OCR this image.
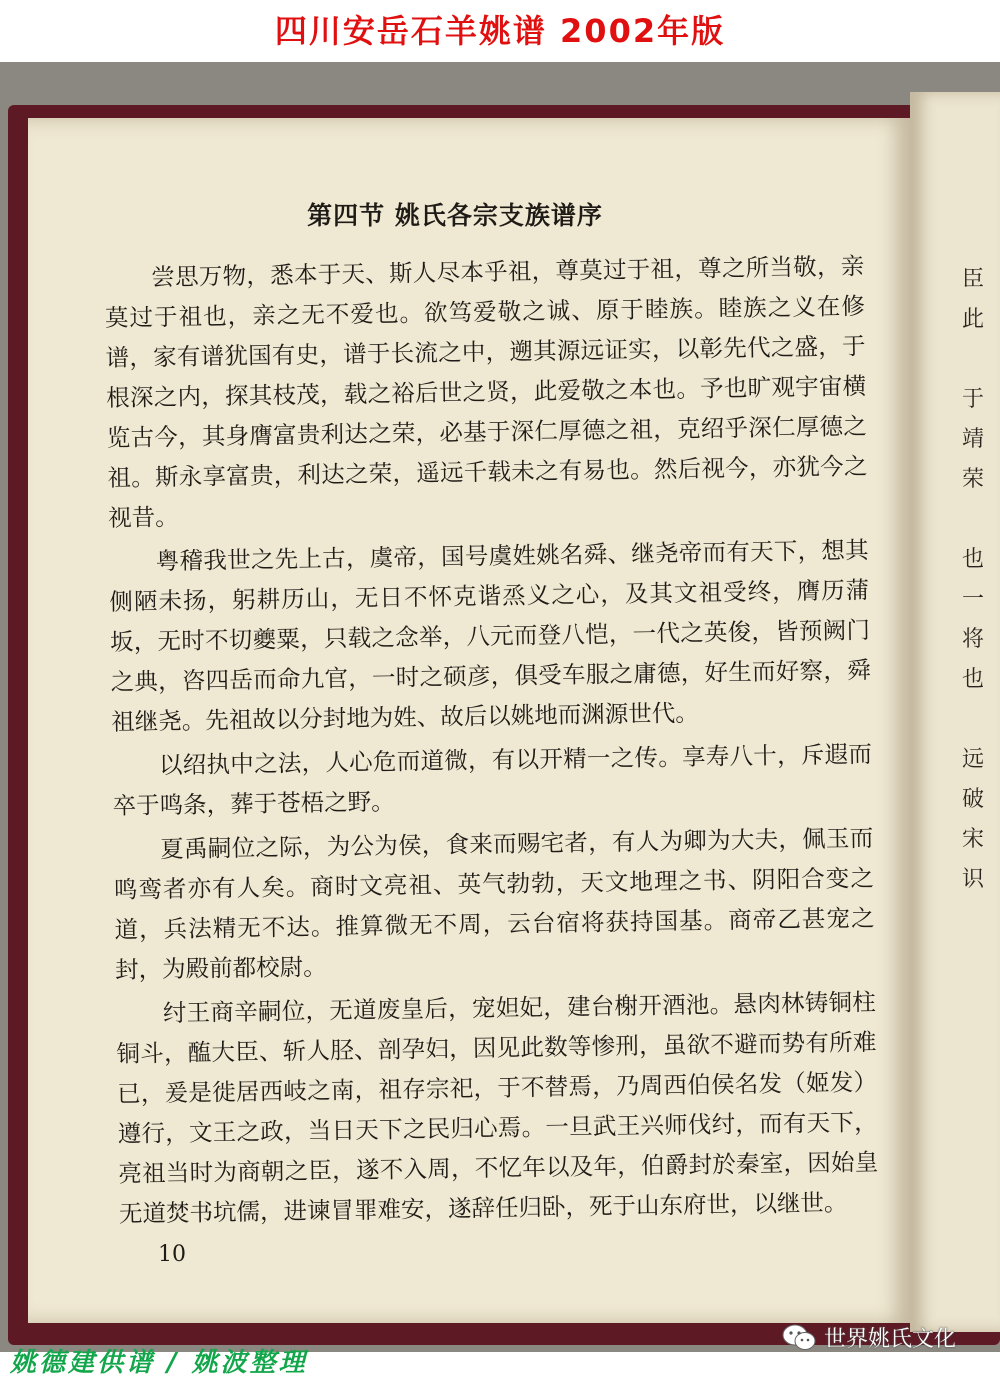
四川安岳石羊姚谱 2002年版
第四节 姚氏各宗支族谱序

尝思万物，悉本于天、斯人尽本乎祖，尊莫过于祖，尊之所当敬，亲莫过于祖也，亲之无不爱也。欲笃爱敬之诚、原于睦族。睦族之义在修谱，家有谱犹国有史，谱于长流之中，遡其源远证实，以彰先代之盛，于根深之内，探其枝茂，载之裕后世之贤，此爱敬之本也。予也旷观宇宙横览古今，其身膺富贵利达之荣，必基于深仁厚德之祖，克绍乎深仁厚德之祖。斯永享富贵，利达之荣，遥远千载未之有易也。然后视今，亦犹今之视昔。

粤稽我世之先上古，虞帝，国号虞姓姚名舜、继尧帝而有天下，想其侧陋未扬，躬耕历山，无日不怀克谐烝义之心，及其文祖受终，膺历蒲坂，无时不切夔粟，只载之念举，八元而登八恺，一代之英俊，皆预阙门之典，咨四岳而命九官，一时之硕彦，俱受车服之庸德，好生而好察，舜祖继尧。先祖故以分封地为姓、故后以姚地而渊源世代。

以绍执中之法，人心危而道微，有以开精一之传。享寿八十，斥遐而卒于鸣条，葬于苍梧之野。

夏禹嗣位之际，为公为侯，食来而赐宅者，有人为卿为大夫，佩玉而鸣鸾者亦有人矣。商时文亮祖、英气勃勃，天文地理之书、阴阳合变之道，兵法精无不达。推算微无不周，云台宿将获持国基。商帝乙甚宠之封，为殿前都校尉。

纣王商辛嗣位，无道废皇后，宠妲妃，建台榭开酒池。悬肉林铸铜柱铜斗，醢大臣、斩人胫、剖孕妇，因见此数等惨刑，虽欲不避而势有所难已，爰是徙居西岐之南，祖存宗祀，于不替焉，乃周西伯侯名发（姬发）遵行，文王之政，当日天下之民归心焉。一旦武王兴师伐纣，而有天下，亮祖当时为商朝之臣，遂不入周，不忆年以及年，伯爵封於秦室，因始皇无道焚书坑儒，进谏冒罪难安，遂辞任归卧，死于山东府世，以继世。

10
臣
此
于
靖
荣
也
一
将
也
远
破
宋
识
姚德建供谱 / 姚波整理
世界姚氏文化
